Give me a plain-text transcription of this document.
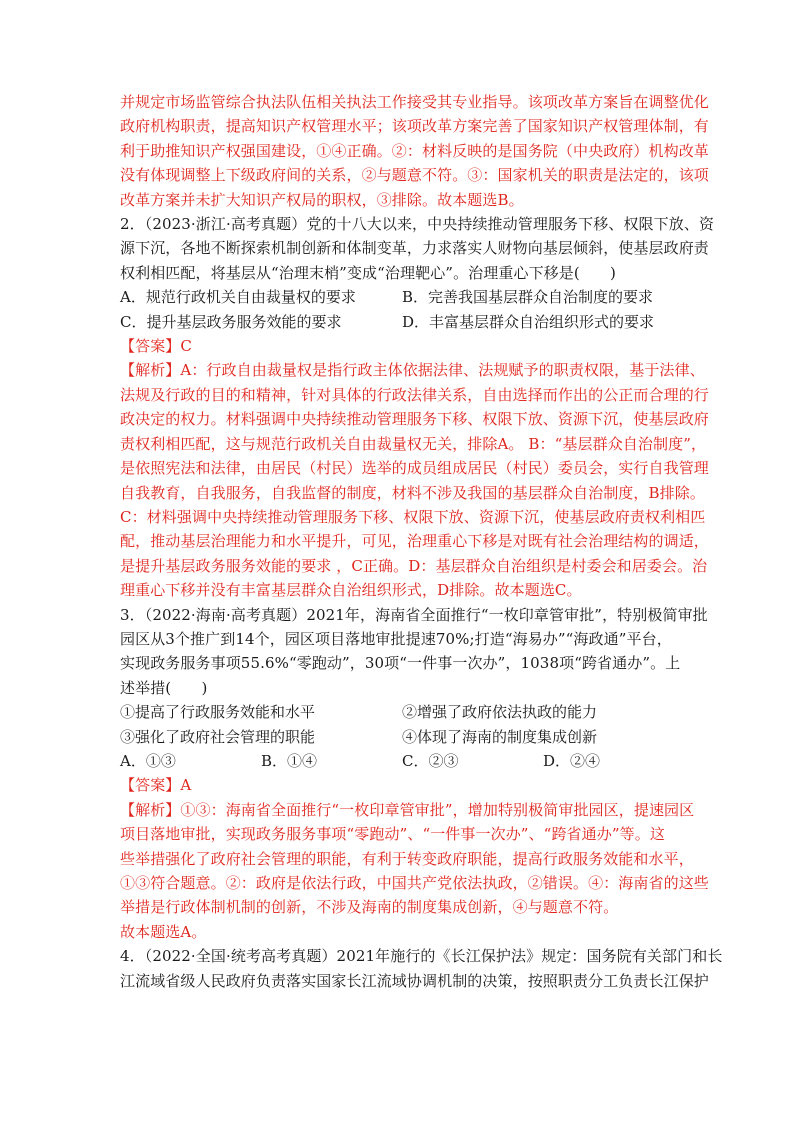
并规定市场监管综合执法队伍相关执法工作接受其专业指导。该项改革方案旨在调整优化
政府机构职责，提高知识产权管理水平；该项改革方案完善了国家知识产权管理体制，有
利于助推知识产权强国建设，①④正确。②：材料反映的是国务院（中央政府）机构改革
没有体现调整上下级政府间的关系，②与题意不符。③：国家机关的职责是法定的，该项
改革方案并未扩大知识产权局的职权，③排除。故本题选B。
2．（2023·浙江·高考真题）党的十八大以来，中央持续推动管理服务下移、权限下放、资
源下沉，各地不断探索机制创新和体制变革，力求落实人财物向基层倾斜，使基层政府责
权利相匹配，将基层从“治理末梢”变成“治理靶心”。治理重心下移是(　　)
A．规范行政机关自由裁量权的要求	B．完善我国基层群众自治制度的要求
C．提升基层政务服务效能的要求	D．丰富基层群众自治组织形式的要求
【答案】C
【解析】A：行政自由裁量权是指行政主体依据法律、法规赋予的职责权限，基于法律、
法规及行政的目的和精神，针对具体的行政法律关系，自由选择而作出的公正而合理的行
政决定的权力。材料强调中央持续推动管理服务下移、权限下放、资源下沉，使基层政府
责权利相匹配，这与规范行政机关自由裁量权无关，排除A。 B：“基层群众自治制度”，
是依照宪法和法律，由居民（村民）选举的成员组成居民（村民）委员会，实行自我管理
自我教育，自我服务，自我监督的制度，材料不涉及我国的基层群众自治制度，B排除。
C：材料强调中央持续推动管理服务下移、权限下放、资源下沉，使基层政府责权利相匹
配，推动基层治理能力和水平提升，可见，治理重心下移是对既有社会治理结构的调适，
是提升基层政务服务效能的要求 ，C正确。D：基层群众自治组织是村委会和居委会。治
理重心下移并没有丰富基层群众自治组织形式，D排除。故本题选C。
3．（2022·海南·高考真题）2021年，海南省全面推行“一枚印章管审批”，特别极简审批
园区从3个推广到14个，园区项目落地审批提速70%;打造“海易办”“海政通”平台，
实现政务服务事项55.6%“零跑动”，30项“一件事一次办”，1038项“跨省通办”。上
述举措(　　)
①提高了行政服务效能和水平	②增强了政府依法执政的能力
③强化了政府社会管理的职能	④体现了海南的制度集成创新
A．①③	B．①④	C．②③	D．②④
【答案】A
【解析】①③：海南省全面推行“一枚印章管审批”，增加特别极简审批园区，提速园区
项目落地审批，实现政务服务事项“零跑动”、“一件事一次办”、“跨省通办”等。这
些举措强化了政府社会管理的职能，有利于转变政府职能，提高行政服务效能和水平，
①③符合题意。②：政府是依法行政，中国共产党依法执政，②错误。④：海南省的这些
举措是行政体制机制的创新，不涉及海南的制度集成创新，④与题意不符。
故本题选A。
4．（2022·全国·统考高考真题）2021年施行的《长江保护法》规定：国务院有关部门和长
江流域省级人民政府负责落实国家长江流域协调机制的决策，按照职责分工负责长江保护
